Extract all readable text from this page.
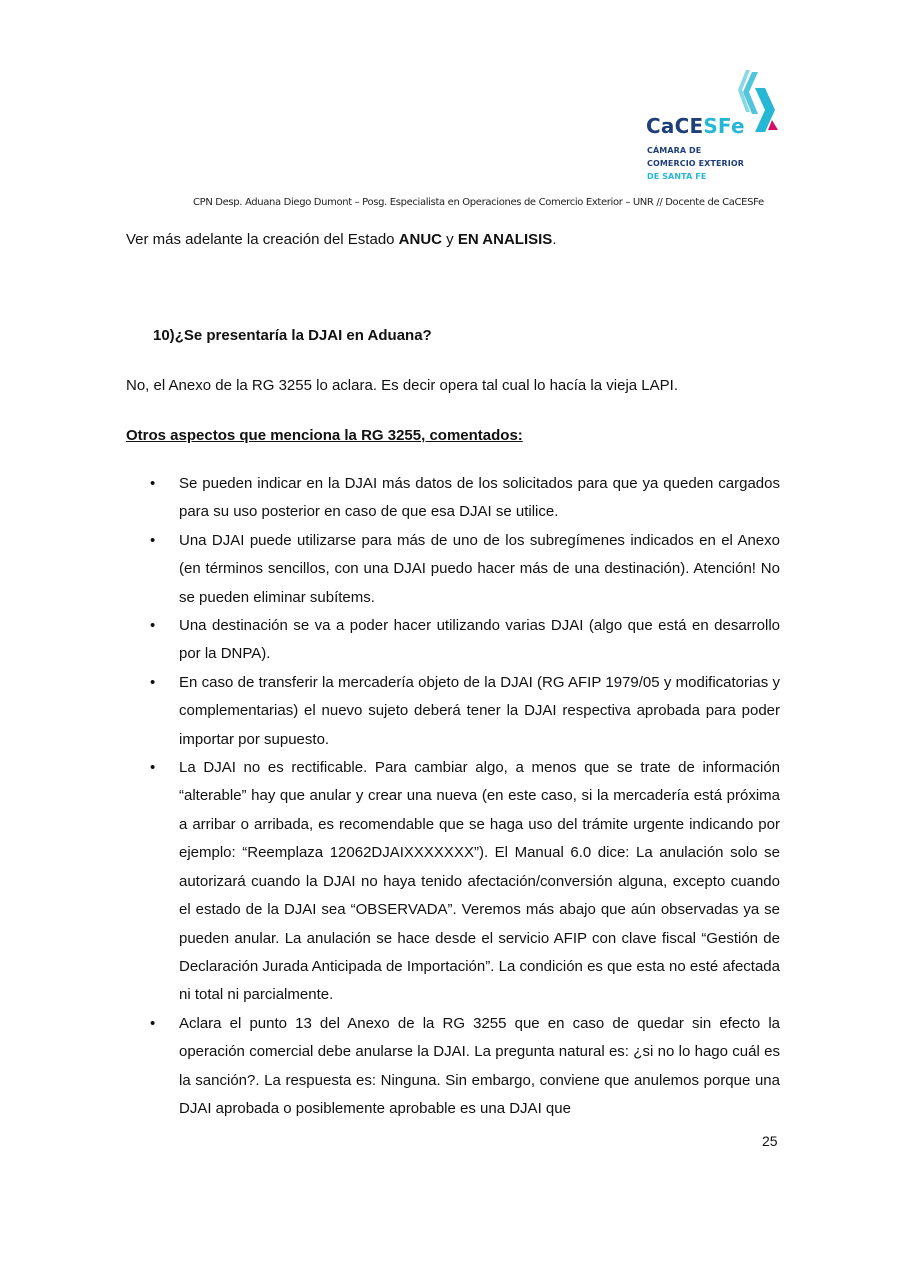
CaCESFe
CÁMARA DE
COMERCIO EXTERIOR
DE SANTA FE
CPN Desp. Aduana Diego Dumont – Posg. Especialista en Operaciones de Comercio Exterior – UNR // Docente de CaCESFe
Ver más adelante la creación del Estado ANUC y EN ANALISIS.
10)¿Se presentaría la DJAI en Aduana?
No, el Anexo de la RG 3255 lo aclara. Es decir opera tal cual lo hacía la vieja LAPI.
Otros aspectos que menciona la RG 3255, comentados:
• Se pueden indicar en la DJAI más datos de los solicitados para que ya queden cargados para su uso posterior en caso de que esa DJAI se utilice.
• Una DJAI puede utilizarse para más de uno de los subregímenes indicados en el Anexo (en términos sencillos, con una DJAI puedo hacer más de una destinación). Atención! No se pueden eliminar subítems.
• Una destinación se va a poder hacer utilizando varias DJAI (algo que está en desarrollo por la DNPA).
• En caso de transferir la mercadería objeto de la DJAI (RG AFIP 1979/05 y modificatorias y complementarias) el nuevo sujeto deberá tener la DJAI respectiva aprobada para poder importar por supuesto.
• La DJAI no es rectificable. Para cambiar algo, a menos que se trate de información “alterable” hay que anular y crear una nueva (en este caso, si la mercadería está próxima a arribar o arribada, es recomendable que se haga uso del trámite urgente indicando por ejemplo: “Reemplaza 12062DJAIXXXXXXX”). El Manual 6.0 dice: La anulación solo se autorizará cuando la DJAI no haya tenido afectación/conversión alguna, excepto cuando el estado de la DJAI sea “OBSERVADA”. Veremos más abajo que aún observadas ya se pueden anular. La anulación se hace desde el servicio AFIP con clave fiscal “Gestión de Declaración Jurada Anticipada de Importación”. La condición es que esta no esté afectada ni total ni parcialmente.
• Aclara el punto 13 del Anexo de la RG 3255 que en caso de quedar sin efecto la operación comercial debe anularse la DJAI. La pregunta natural es: ¿si no lo hago cuál es la sanción?. La respuesta es: Ninguna. Sin embargo, conviene que anulemos porque una DJAI aprobada o posiblemente aprobable es una DJAI que
25
